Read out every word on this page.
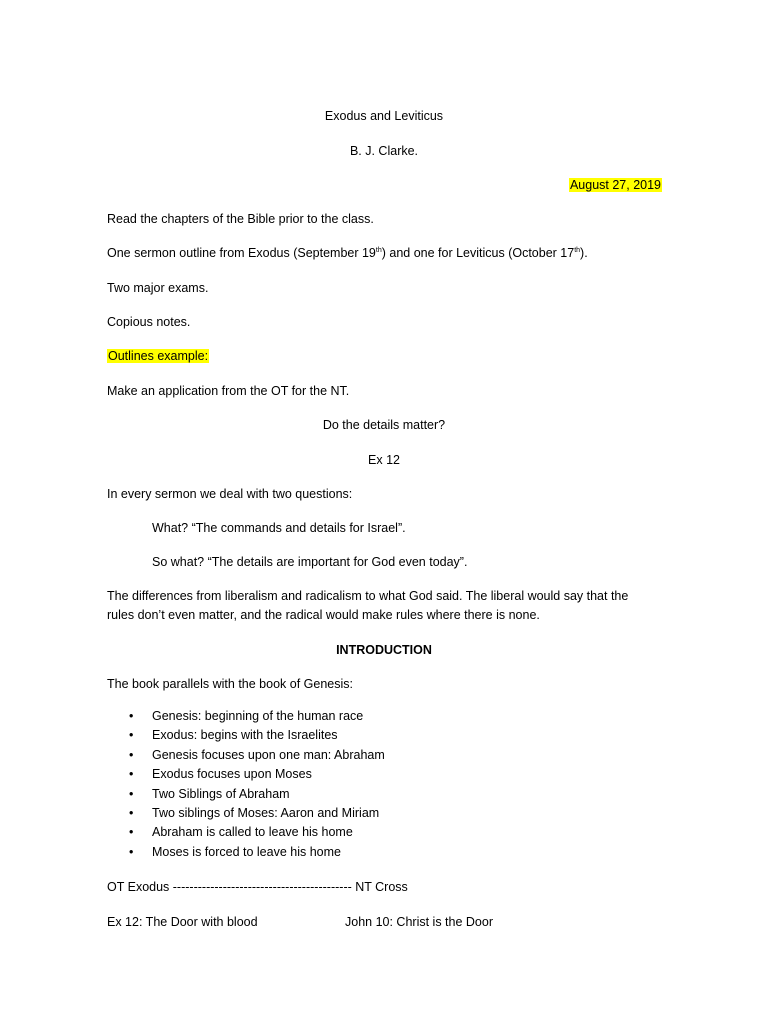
Exodus and Leviticus
B. J. Clarke.
August 27, 2019
Read the chapters of the Bible prior to the class.
One sermon outline from Exodus (September 19th) and one for Leviticus (October 17th).
Two major exams.
Copious notes.
Outlines example:
Make an application from the OT for the NT.
Do the details matter?
Ex 12
In every sermon we deal with two questions:
What? “The commands and details for Israel”.
So what? “The details are important for God even today”.
The differences from liberalism and radicalism to what God said. The liberal would say that the
rules don’t even matter, and the radical would make rules where there is none.
INTRODUCTION
The book parallels with the book of Genesis:
• Genesis: beginning of the human race
• Exodus: begins with the Israelites
• Genesis focuses upon one man: Abraham
• Exodus focuses upon Moses
• Two Siblings of Abraham
• Two siblings of Moses: Aaron and Miriam
• Abraham is called to leave his home
• Moses is forced to leave his home
OT Exodus ------------------------------------------- NT Cross
Ex 12: The Door with blood	John 10: Christ is the Door
